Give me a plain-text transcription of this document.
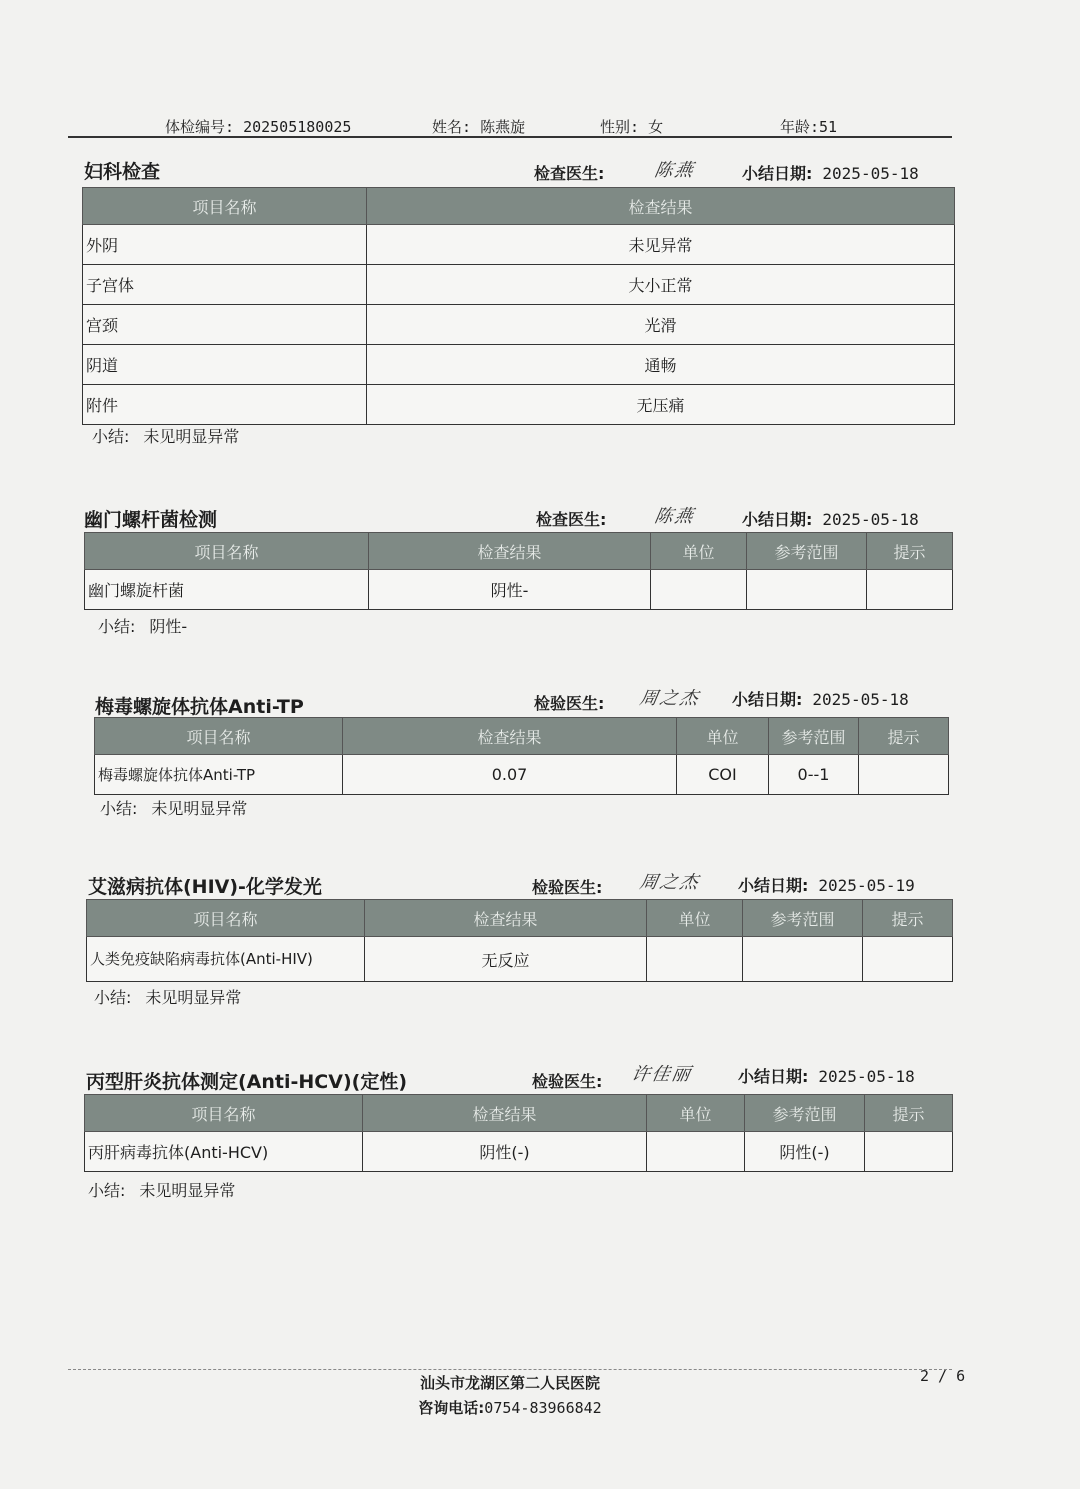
体检编号: 202505180025	姓名: 陈燕旋	性别: 女	年龄:51
妇科检查	检查医生:	陈燕	小结日期: 2025-05-18
项目名称	检查结果
外阴	未见异常
子宫体	大小正常
宫颈	光滑
阴道	通畅
附件	无压痛
小结: 未见明显异常
幽门螺杆菌检测	检查医生:	陈燕	小结日期: 2025-05-18
项目名称	检查结果	单位	参考范围	提示
幽门螺旋杆菌	阴性-			
小结: 阴性-
梅毒螺旋体抗体Anti-TP	检验医生: 周之杰 小结日期: 2025-05-18
项目名称	检查结果	单位	参考范围	提示
梅毒螺旋体抗体Anti-TP	0.07	COI	0--1	
小结: 未见明显异常
艾滋病抗体(HIV)-化学发光	检验医生: 周之杰 小结日期: 2025-05-19
项目名称	检查结果	单位	参考范围	提示
人类免疫缺陷病毒抗体(Anti-HIV)	无反应			
小结: 未见明显异常
丙型肝炎抗体测定(Anti-HCV)(定性)	检验医生: 许佳丽	小结日期: 2025-05-18
项目名称	检查结果	单位	参考范围	提示
丙肝病毒抗体(Anti-HCV)	阴性(-)		阴性(-)	
小结: 未见明显异常
汕头市龙湖区第二人民医院
咨询电话:0754-83966842
2 / 6
